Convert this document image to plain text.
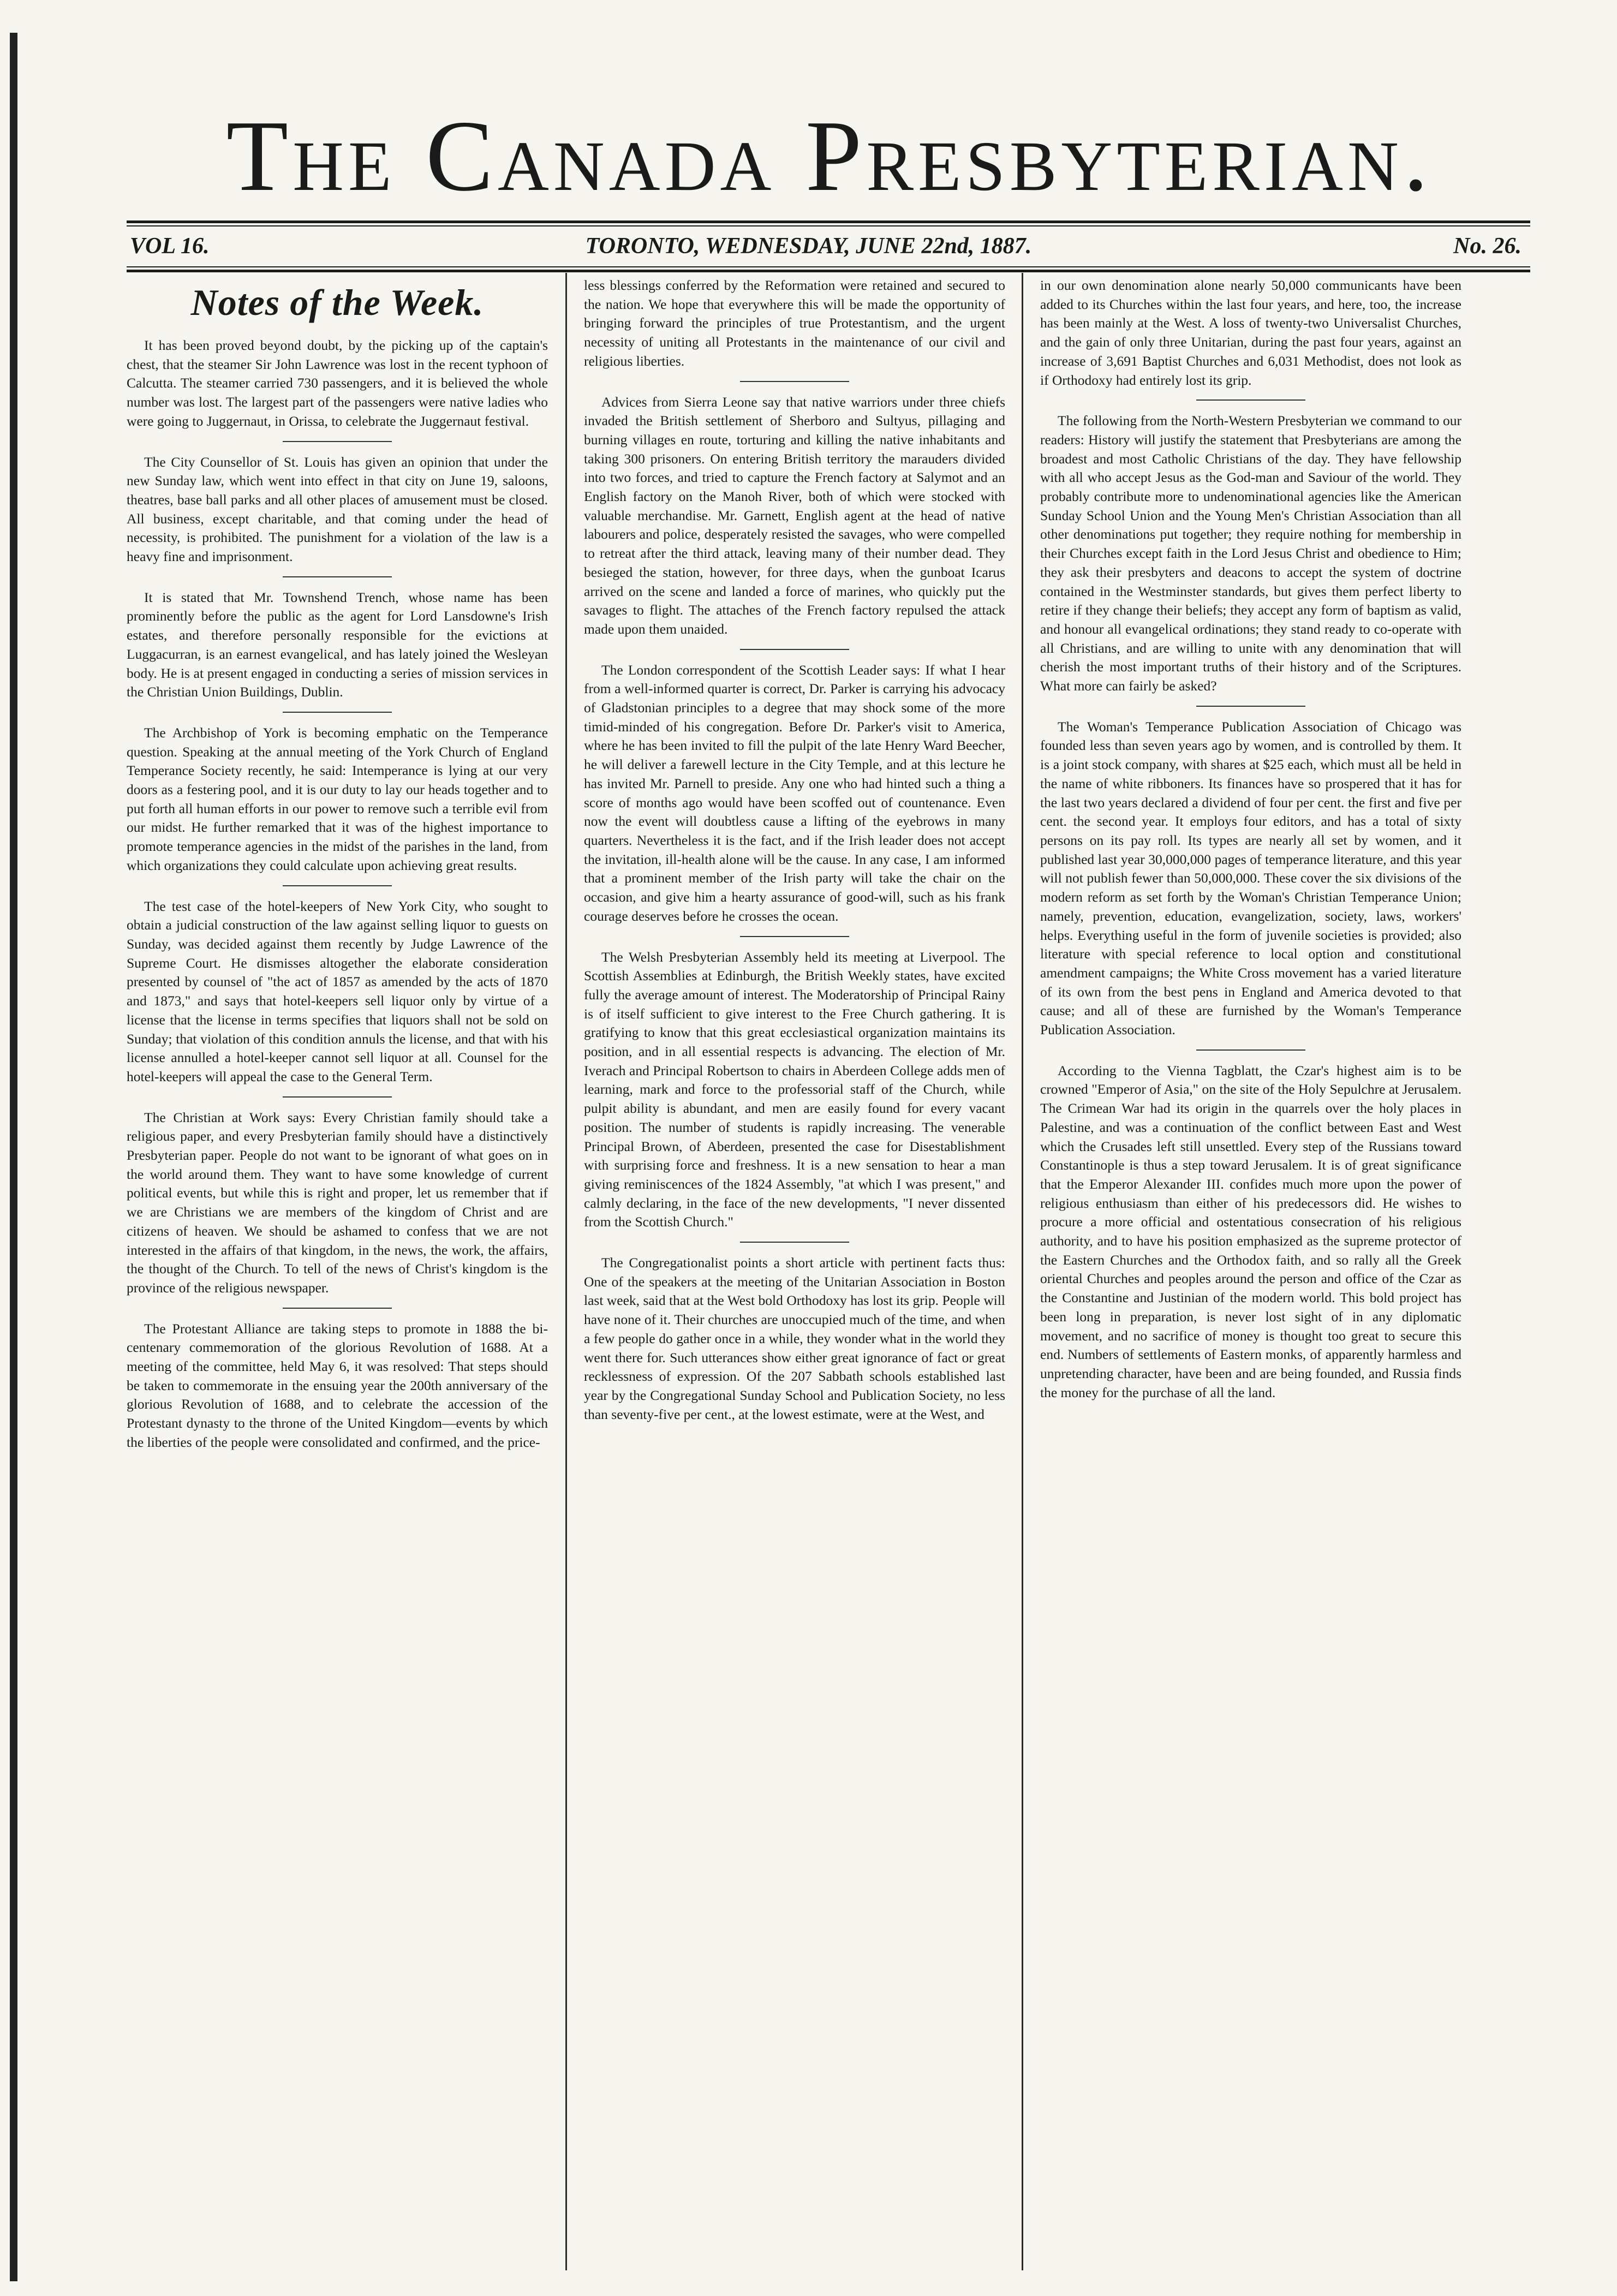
The Canada Presbyterian.
VOL 16.	TORONTO, WEDNESDAY, JUNE 22nd, 1887.	No. 26.
Notes of the Week.

It has been proved beyond doubt, by the picking up of the captain's chest, that the steamer Sir John Lawrence was lost in the recent typhoon of Calcutta. The steamer carried 730 passengers, and it is believed the whole number was lost. The largest part of the passengers were native ladies who were going to Juggernaut, in Orissa, to celebrate the Juggernaut festival.

The City Counsellor of St. Louis has given an opinion that under the new Sunday law, which went into effect in that city on June 19, saloons, theatres, base ball parks and all other places of amusement must be closed. All business, except charitable, and that coming under the head of necessity, is prohibited. The punishment for a violation of the law is a heavy fine and imprisonment.

It is stated that Mr. Townshend Trench, whose name has been prominently before the public as the agent for Lord Lansdowne's Irish estates, and therefore personally responsible for the evictions at Luggacurran, is an earnest evangelical, and has lately joined the Wesleyan body. He is at present engaged in conducting a series of mission services in the Christian Union Buildings, Dublin.

The Archbishop of York is becoming emphatic on the Temperance question. Speaking at the annual meeting of the York Church of England Temperance Society recently, he said: Intemperance is lying at our very doors as a festering pool, and it is our duty to lay our heads together and to put forth all human efforts in our power to remove such a terrible evil from our midst. He further remarked that it was of the highest importance to promote temperance agencies in the midst of the parishes in the land, from which organizations they could calculate upon achieving great results.

The test case of the hotel-keepers of New York City, who sought to obtain a judicial construction of the law against selling liquor to guests on Sunday, was decided against them recently by Judge Lawrence of the Supreme Court. He dismisses altogether the elaborate consideration presented by counsel of "the act of 1857 as amended by the acts of 1870 and 1873," and says that hotel-keepers sell liquor only by virtue of a license that the license in terms specifies that liquors shall not be sold on Sunday; that violation of this condition annuls the license, and that with his license annulled a hotel-keeper cannot sell liquor at all. Counsel for the hotel-keepers will appeal the case to the General Term.

The Christian at Work says: Every Christian family should take a religious paper, and every Presbyterian family should have a distinctively Presbyterian paper. People do not want to be ignorant of what goes on in the world around them. They want to have some knowledge of current political events, but while this is right and proper, let us remember that if we are Christians we are members of the kingdom of Christ and are citizens of heaven. We should be ashamed to confess that we are not interested in the affairs of that kingdom, in the news, the work, the affairs, the thought of the Church. To tell of the news of Christ's kingdom is the province of the religious newspaper.

The Protestant Alliance are taking steps to promote in 1888 the bi-centenary commemoration of the glorious Revolution of 1688. At a meeting of the committee, held May 6, it was resolved: That steps should be taken to commemorate in the ensuing year the 200th anniversary of the glorious Revolution of 1688, and to celebrate the accession of the Protestant dynasty to the throne of the United Kingdom—events by which the liberties of the people were consolidated and confirmed, and the price-

less blessings conferred by the Reformation were retained and secured to the nation. We hope that everywhere this will be made the opportunity of bringing forward the principles of true Protestantism, and the urgent necessity of uniting all Protestants in the maintenance of our civil and religious liberties.

Advices from Sierra Leone say that native warriors under three chiefs invaded the British settlement of Sherboro and Sultyus, pillaging and burning villages en route, torturing and killing the native inhabitants and taking 300 prisoners. On entering British territory the marauders divided into two forces, and tried to capture the French factory at Salymot and an English factory on the Manoh River, both of which were stocked with valuable merchandise. Mr. Garnett, English agent at the head of native labourers and police, desperately resisted the savages, who were compelled to retreat after the third attack, leaving many of their number dead. They besieged the station, however, for three days, when the gunboat Icarus arrived on the scene and landed a force of marines, who quickly put the savages to flight. The attaches of the French factory repulsed the attack made upon them unaided.

The London correspondent of the Scottish Leader says: If what I hear from a well-informed quarter is correct, Dr. Parker is carrying his advocacy of Gladstonian principles to a degree that may shock some of the more timid-minded of his congregation. Before Dr. Parker's visit to America, where he has been invited to fill the pulpit of the late Henry Ward Beecher, he will deliver a farewell lecture in the City Temple, and at this lecture he has invited Mr. Parnell to preside. Any one who had hinted such a thing a score of months ago would have been scoffed out of countenance. Even now the event will doubtless cause a lifting of the eyebrows in many quarters. Nevertheless it is the fact, and if the Irish leader does not accept the invitation, ill-health alone will be the cause. In any case, I am informed that a prominent member of the Irish party will take the chair on the occasion, and give him a hearty assurance of good-will, such as his frank courage deserves before he crosses the ocean.

The Welsh Presbyterian Assembly held its meeting at Liverpool. The Scottish Assemblies at Edinburgh, the British Weekly states, have excited fully the average amount of interest. The Moderatorship of Principal Rainy is of itself sufficient to give interest to the Free Church gathering. It is gratifying to know that this great ecclesiastical organization maintains its position, and in all essential respects is advancing. The election of Mr. Iverach and Principal Robertson to chairs in Aberdeen College adds men of learning, mark and force to the professorial staff of the Church, while pulpit ability is abundant, and men are easily found for every vacant position. The number of students is rapidly increasing. The venerable Principal Brown, of Aberdeen, presented the case for Disestablishment with surprising force and freshness. It is a new sensation to hear a man giving reminiscences of the 1824 Assembly, "at which I was present," and calmly declaring, in the face of the new developments, "I never dissented from the Scottish Church."

The Congregationalist points a short article with pertinent facts thus: One of the speakers at the meeting of the Unitarian Association in Boston last week, said that at the West bold Orthodoxy has lost its grip. People will have none of it. Their churches are unoccupied much of the time, and when a few people do gather once in a while, they wonder what in the world they went there for. Such utterances show either great ignorance of fact or great recklessness of expression. Of the 207 Sabbath schools established last year by the Congregational Sunday School and Publication Society, no less than seventy-five per cent., at the lowest estimate, were at the West, and

in our own denomination alone nearly 50,000 communicants have been added to its Churches within the last four years, and here, too, the increase has been mainly at the West. A loss of twenty-two Universalist Churches, and the gain of only three Unitarian, during the past four years, against an increase of 3,691 Baptist Churches and 6,031 Methodist, does not look as if Orthodoxy had entirely lost its grip.

The following from the North-Western Presbyterian we command to our readers: History will justify the statement that Presbyterians are among the broadest and most Catholic Christians of the day. They have fellowship with all who accept Jesus as the God-man and Saviour of the world. They probably contribute more to undenominational agencies like the American Sunday School Union and the Young Men's Christian Association than all other denominations put together; they require nothing for membership in their Churches except faith in the Lord Jesus Christ and obedience to Him; they ask their presbyters and deacons to accept the system of doctrine contained in the Westminster standards, but gives them perfect liberty to retire if they change their beliefs; they accept any form of baptism as valid, and honour all evangelical ordinations; they stand ready to co-operate with all Christians, and are willing to unite with any denomination that will cherish the most important truths of their history and of the Scriptures. What more can fairly be asked?

The Woman's Temperance Publication Association of Chicago was founded less than seven years ago by women, and is controlled by them. It is a joint stock company, with shares at $25 each, which must all be held in the name of white ribboners. Its finances have so prospered that it has for the last two years declared a dividend of four per cent. the first and five per cent. the second year. It employs four editors, and has a total of sixty persons on its pay roll. Its types are nearly all set by women, and it published last year 30,000,000 pages of temperance literature, and this year will not publish fewer than 50,000,000. These cover the six divisions of the modern reform as set forth by the Woman's Christian Temperance Union; namely, prevention, education, evangelization, society, laws, workers' helps. Everything useful in the form of juvenile societies is provided; also literature with special reference to local option and constitutional amendment campaigns; the White Cross movement has a varied literature of its own from the best pens in England and America devoted to that cause; and all of these are furnished by the Woman's Temperance Publication Association.

According to the Vienna Tagblatt, the Czar's highest aim is to be crowned "Emperor of Asia," on the site of the Holy Sepulchre at Jerusalem. The Crimean War had its origin in the quarrels over the holy places in Palestine, and was a continuation of the conflict between East and West which the Crusades left still unsettled. Every step of the Russians toward Constantinople is thus a step toward Jerusalem. It is of great significance that the Emperor Alexander III. confides much more upon the power of religious enthusiasm than either of his predecessors did. He wishes to procure a more official and ostentatious consecration of his religious authority, and to have his position emphasized as the supreme protector of the Eastern Churches and the Orthodox faith, and so rally all the Greek oriental Churches and peoples around the person and office of the Czar as the Constantine and Justinian of the modern world. This bold project has been long in preparation, is never lost sight of in any diplomatic movement, and no sacrifice of money is thought too great to secure this end. Numbers of settlements of Eastern monks, of apparently harmless and unpretending character, have been and are being founded, and Russia finds the money for the purchase of all the land.
